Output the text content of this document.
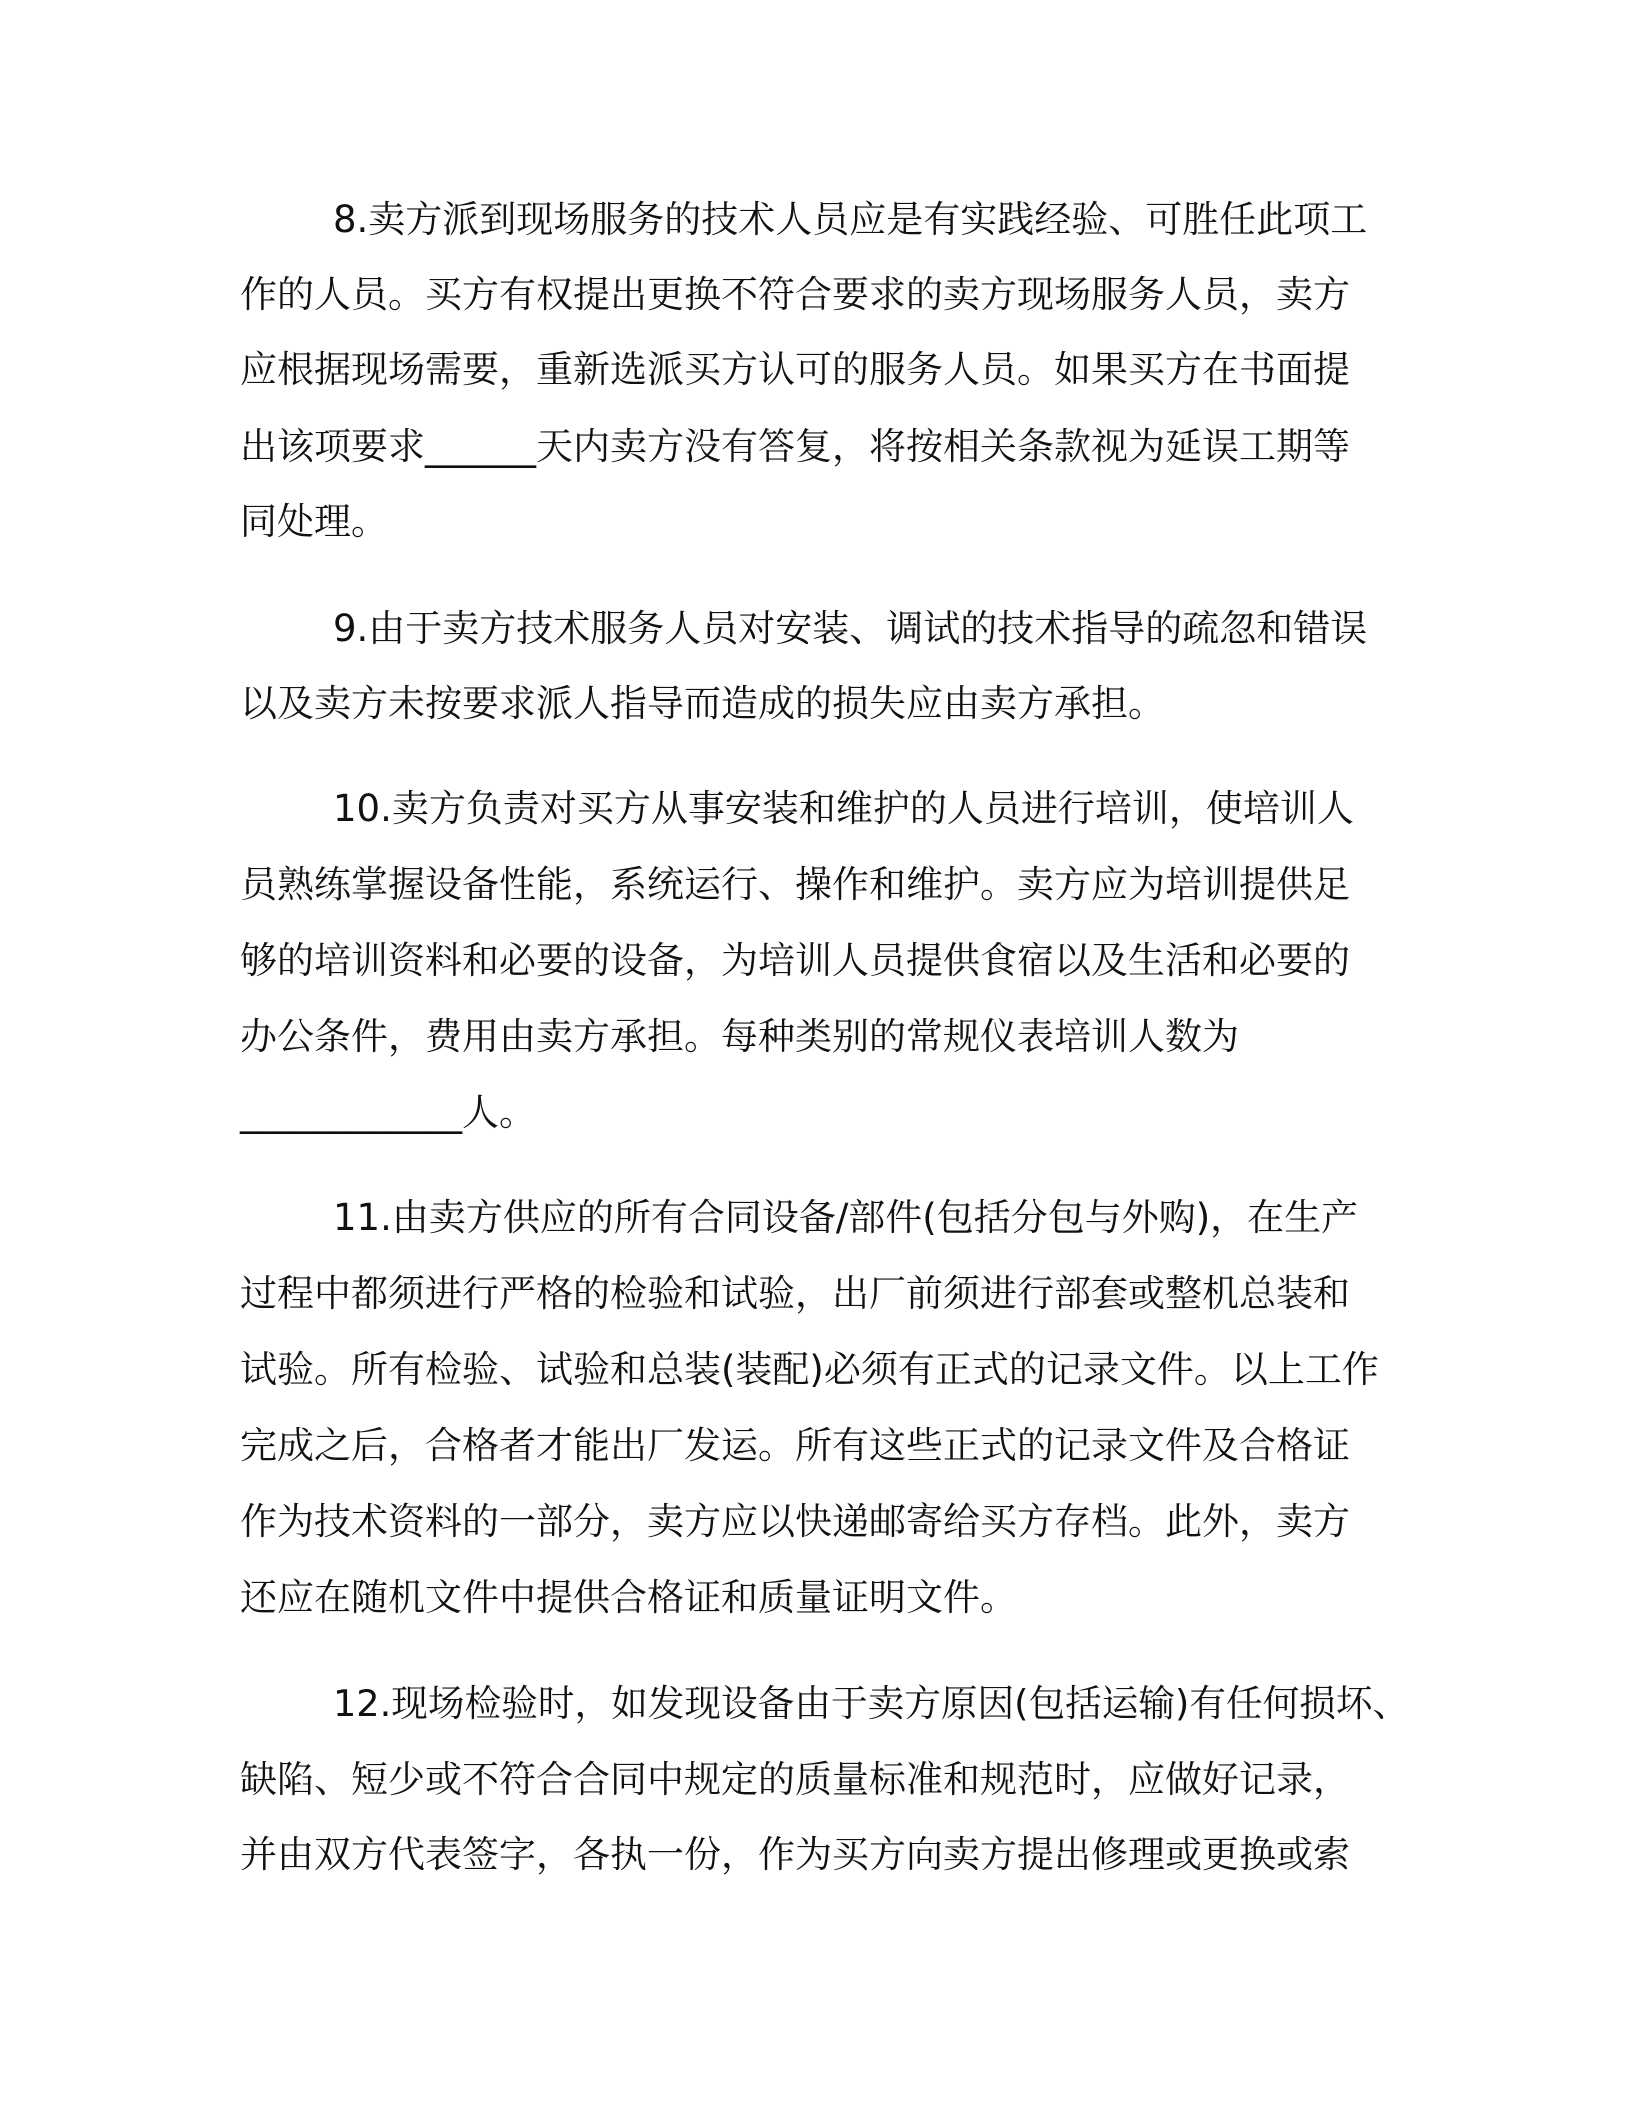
8.卖方派到现场服务的技术人员应是有实践经验、可胜任此项工

作的人员。买方有权提出更换不符合要求的卖方现场服务人员，卖方

应根据现场需要，重新选派买方认可的服务人员。如果买方在书面提

出该项要求______天内卖方没有答复，将按相关条款视为延误工期等

同处理。

9.由于卖方技术服务人员对安装、调试的技术指导的疏忽和错误

以及卖方未按要求派人指导而造成的损失应由卖方承担。

10.卖方负责对买方从事安装和维护的人员进行培训，使培训人

员熟练掌握设备性能，系统运行、操作和维护。卖方应为培训提供足

够的培训资料和必要的设备，为培训人员提供食宿以及生活和必要的

办公条件，费用由卖方承担。每种类别的常规仪表培训人数为

____________人。

11.由卖方供应的所有合同设备/部件(包括分包与外购)，在生产

过程中都须进行严格的检验和试验，出厂前须进行部套或整机总装和

试验。所有检验、试验和总装(装配)必须有正式的记录文件。以上工作

完成之后，合格者才能出厂发运。所有这些正式的记录文件及合格证

作为技术资料的一部分，卖方应以快递邮寄给买方存档。此外，卖方

还应在随机文件中提供合格证和质量证明文件。

12.现场检验时，如发现设备由于卖方原因(包括运输)有任何损坏、

缺陷、短少或不符合合同中规定的质量标准和规范时，应做好记录，

并由双方代表签字，各执一份，作为买方向卖方提出修理或更换或索
